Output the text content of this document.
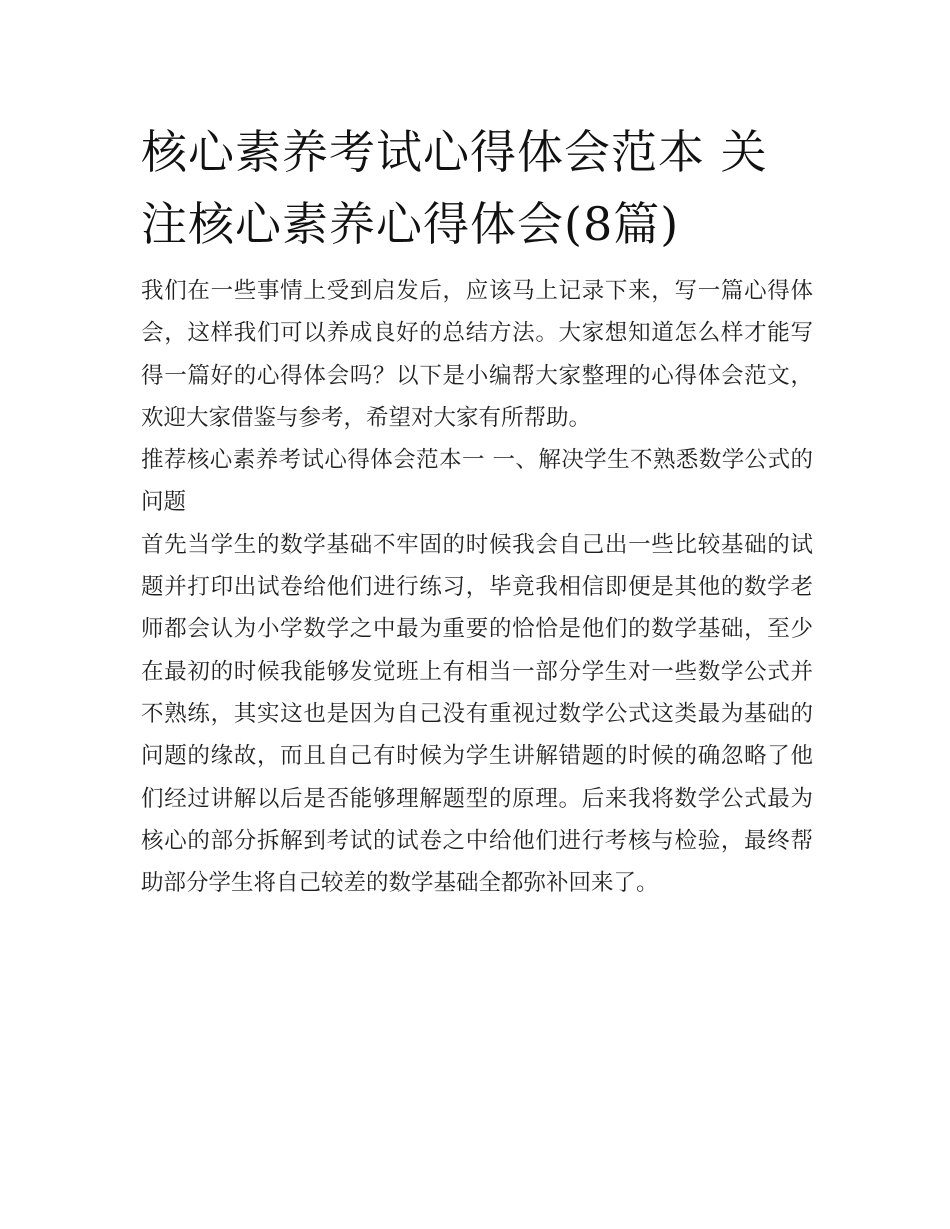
核心素养考试心得体会范本 关注核心素养心得体会(8篇)

我们在一些事情上受到启发后，应该马上记录下来，写一篇心得体会，这样我们可以养成良好的总结方法。大家想知道怎么样才能写得一篇好的心得体会吗？以下是小编帮大家整理的心得体会范文，欢迎大家借鉴与参考，希望对大家有所帮助。

推荐核心素养考试心得体会范本一 一、解决学生不熟悉数学公式的问题

首先当学生的数学基础不牢固的时候我会自己出一些比较基础的试题并打印出试卷给他们进行练习，毕竟我相信即便是其他的数学老师都会认为小学数学之中最为重要的恰恰是他们的数学基础，至少在最初的时候我能够发觉班上有相当一部分学生对一些数学公式并不熟练，其实这也是因为自己没有重视过数学公式这类最为基础的问题的缘故，而且自己有时候为学生讲解错题的时候的确忽略了他们经过讲解以后是否能够理解题型的原理。后来我将数学公式最为核心的部分拆解到考试的试卷之中给他们进行考核与检验，最终帮助部分学生将自己较差的数学基础全都弥补回来了。
